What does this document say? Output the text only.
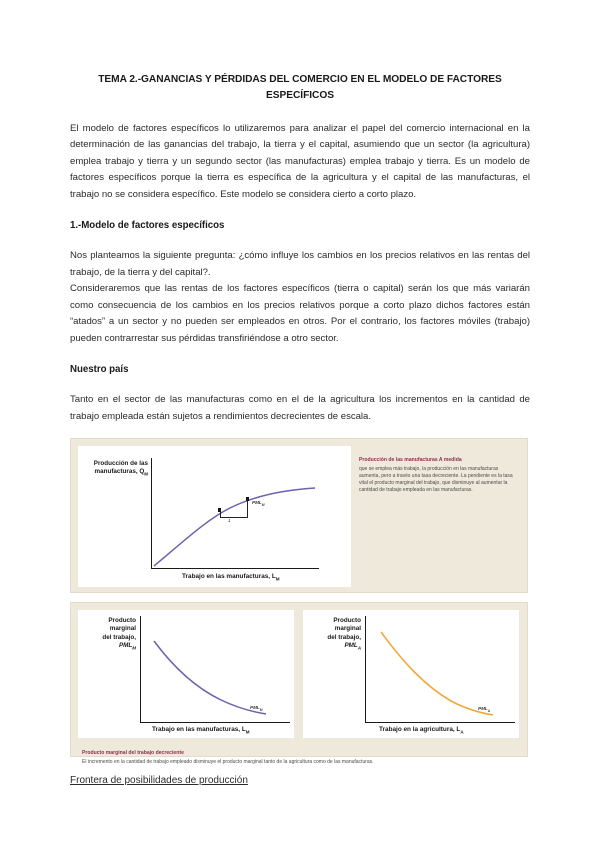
TEMA 2.-GANANCIAS Y PÉRDIDAS DEL COMERCIO EN EL MODELO DE FACTORES ESPECÍFICOS

El modelo de factores específicos lo utilizaremos para analizar el papel del comercio internacional en la determinación de las ganancias del trabajo, la tierra y el capital, asumiendo que un sector (la agricultura) emplea trabajo y tierra y un segundo sector (las manufacturas) emplea trabajo y tierra. Es un modelo de factores específicos porque la tierra es específica de la agricultura y el capital de las manufacturas, el trabajo no se considera específico. Este modelo se considera cierto a corto plazo.

1.-Modelo de factores específicos

Nos planteamos la siguiente pregunta: ¿cómo influye los cambios en los precios relativos en las rentas del trabajo, de la tierra y del capital?.

Consideraremos que las rentas de los factores específicos (tierra o capital) serán los que más variarán como consecuencia de los cambios en los precios relativos porque a corto plazo dichos factores están “atados” a un sector y no pueden ser empleados en otros. Por el contrario, los factores móviles (trabajo) pueden contrarrestar sus pérdidas transfiriéndose a otro sector.

Nuestro país

Tanto en el sector de las manufacturas como en el de la agricultura los incrementos en la cantidad de trabajo empleada están sujetos a rendimientos decrecientes de escala.

Producción de las
manufacturas, $Q_M$
1
$PML_M$
Trabajo en las manufacturas, $L_M$
Producción de las manufacturas A medida
que se emplea más trabajo, la producción en las manufacturas aumenta, pero a través una tasa decreciente. La pendiente es la tasa vital el producto marginal del trabajo, que disminuye al aumentar la cantidad de trabajo empleada en las manufacturas.
Producto
marginal
del trabajo,
$PML_M$
$PML_M$
Trabajo en las manufacturas, $L_M$
Producto
marginal
del trabajo,
$PML_A$
$PML_A$
Trabajo en la agricultura, $L_A$
Producto marginal del trabajo decreciente
El incremento en la cantidad de trabajo empleado disminuye el producto marginal tanto de la agricultura como de las manufacturas.
Frontera de posibilidades de producción
